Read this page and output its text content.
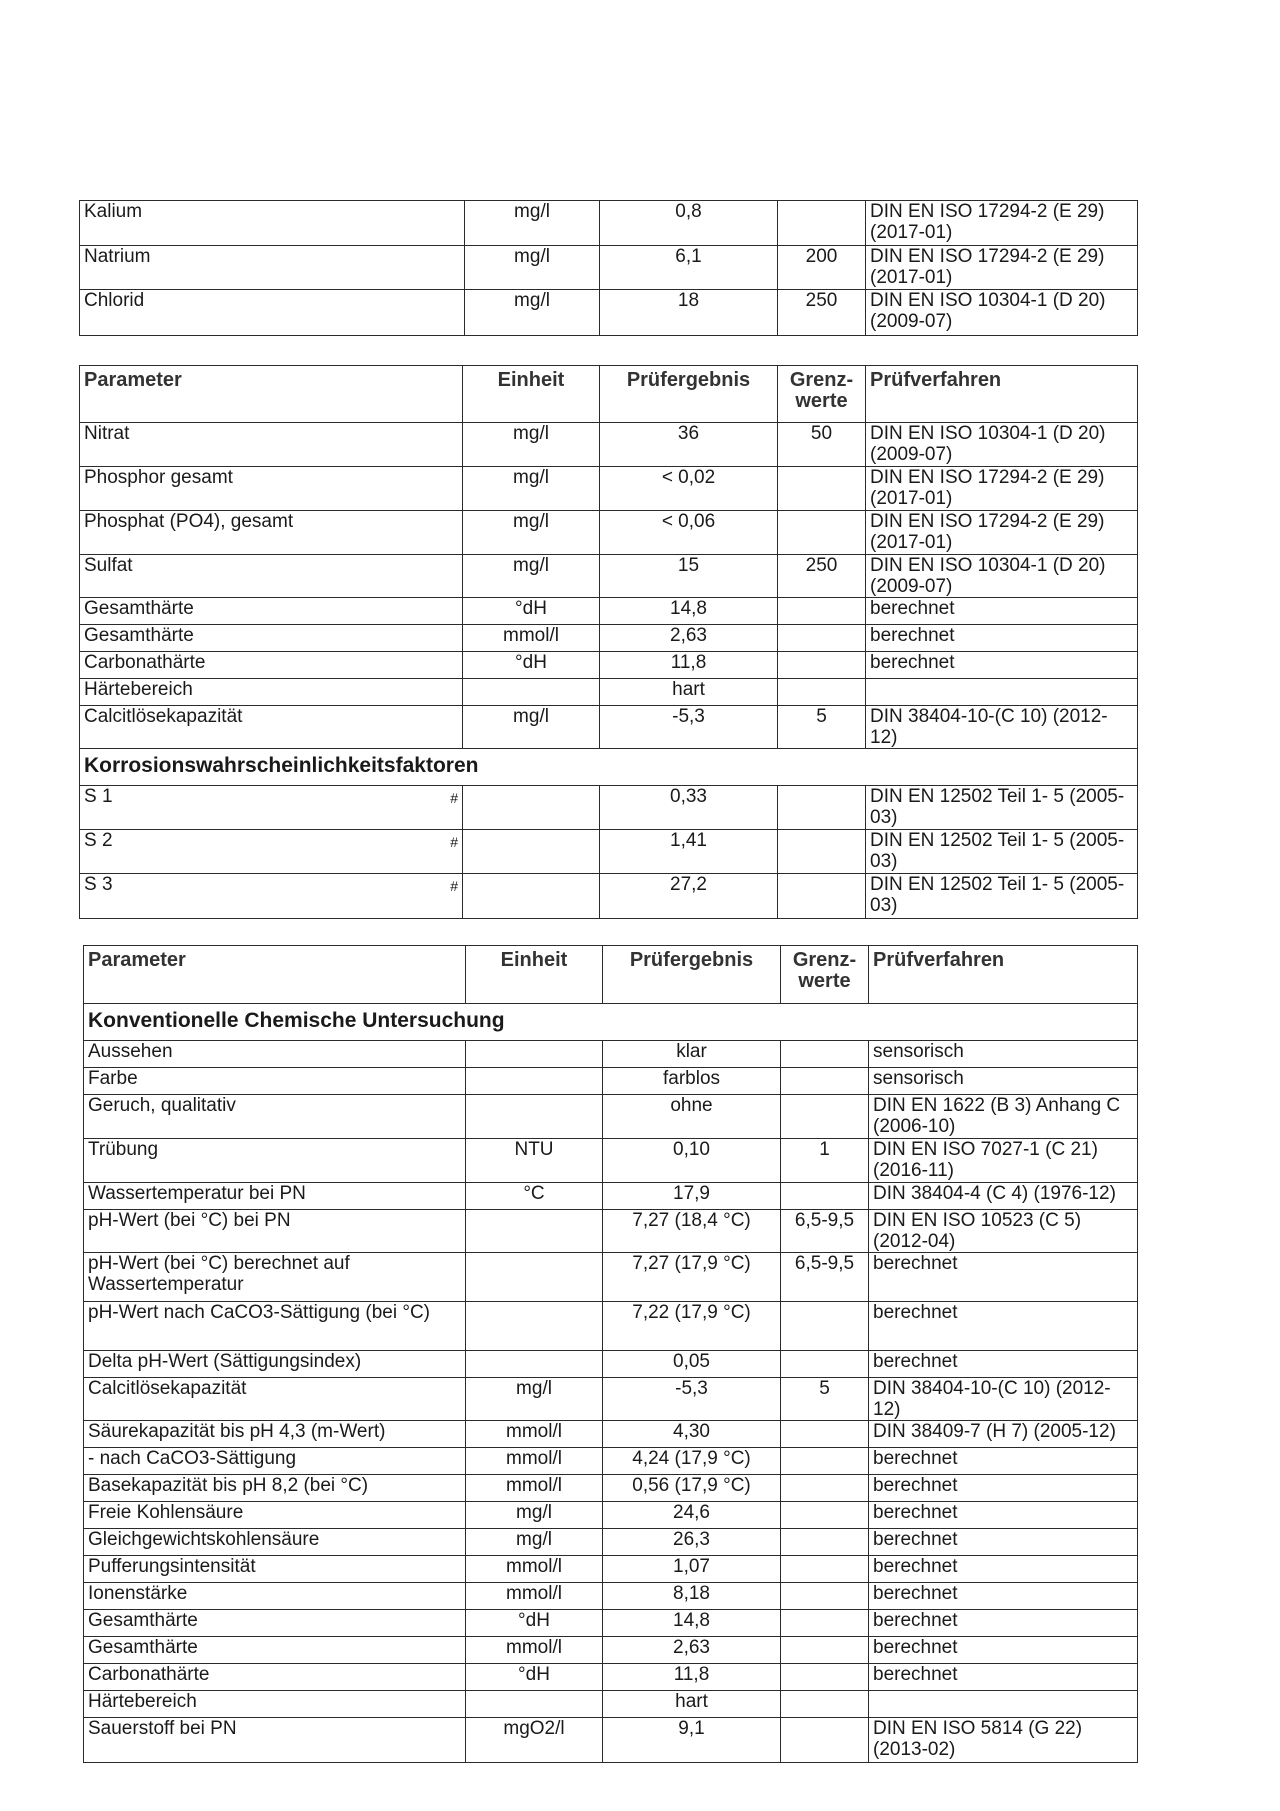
Kalium	mg/l	0,8		DIN EN ISO 17294-2 (E 29) (2017-01)
Natrium	mg/l	6,1	200	DIN EN ISO 17294-2 (E 29) (2017-01)
Chlorid	mg/l	18	250	DIN EN ISO 10304-1 (D 20) (2009-07)
Parameter	Einheit	Prüfergebnis	Grenz-werte	Prüfverfahren
Nitrat	mg/l	36	50	DIN EN ISO 10304-1 (D 20) (2009-07)
Phosphor gesamt	mg/l	< 0,02		DIN EN ISO 17294-2 (E 29) (2017-01)
Phosphat (PO4), gesamt	mg/l	< 0,06		DIN EN ISO 17294-2 (E 29) (2017-01)
Sulfat	mg/l	15	250	DIN EN ISO 10304-1 (D 20) (2009-07)
Gesamthärte	°dH	14,8		berechnet
Gesamthärte	mmol/l	2,63		berechnet
Carbonathärte	°dH	11,8		berechnet
Härtebereich		hart		
Calcitlösekapazität	mg/l	-5,3	5	DIN 38404-10-(C 10) (2012-12)
Korrosionswahrscheinlichkeitsfaktoren				
S 1 #		0,33		DIN EN 12502 Teil 1- 5 (2005-03)
S 2 #		1,41		DIN EN 12502 Teil 1- 5 (2005-03)
S 3 #		27,2		DIN EN 12502 Teil 1- 5 (2005-03)
Parameter	Einheit	Prüfergebnis	Grenz-werte	Prüfverfahren
Konventionelle Chemische Untersuchung				
Aussehen		klar		sensorisch
Farbe		farblos		sensorisch
Geruch, qualitativ		ohne		DIN EN 1622 (B 3) Anhang C (2006-10)
Trübung	NTU	0,10	1	DIN EN ISO 7027-1 (C 21) (2016-11)
Wassertemperatur bei PN	°C	17,9		DIN 38404-4 (C 4) (1976-12)
pH-Wert (bei °C) bei PN		7,27 (18,4 °C)	6,5-9,5	DIN EN ISO 10523 (C 5) (2012-04)
pH-Wert (bei °C) berechnet auf Wassertemperatur		7,27 (17,9 °C)	6,5-9,5	berechnet
pH-Wert nach CaCO3-Sättigung (bei °C)		7,22 (17,9 °C)		berechnet
Delta pH-Wert (Sättigungsindex)		0,05		berechnet
Calcitlösekapazität	mg/l	-5,3	5	DIN 38404-10-(C 10) (2012-12)
Säurekapazität bis pH 4,3 (m-Wert)	mmol/l	4,30		DIN 38409-7 (H 7) (2005-12)
- nach CaCO3-Sättigung	mmol/l	4,24 (17,9 °C)		berechnet
Basekapazität bis pH 8,2 (bei °C)	mmol/l	0,56 (17,9 °C)		berechnet
Freie Kohlensäure	mg/l	24,6		berechnet
Gleichgewichtskohlensäure	mg/l	26,3		berechnet
Pufferungsintensität	mmol/l	1,07		berechnet
Ionenstärke	mmol/l	8,18		berechnet
Gesamthärte	°dH	14,8		berechnet
Gesamthärte	mmol/l	2,63		berechnet
Carbonathärte	°dH	11,8		berechnet
Härtebereich		hart		
Sauerstoff bei PN	mgO2/l	9,1		DIN EN ISO 5814 (G 22) (2013-02)
